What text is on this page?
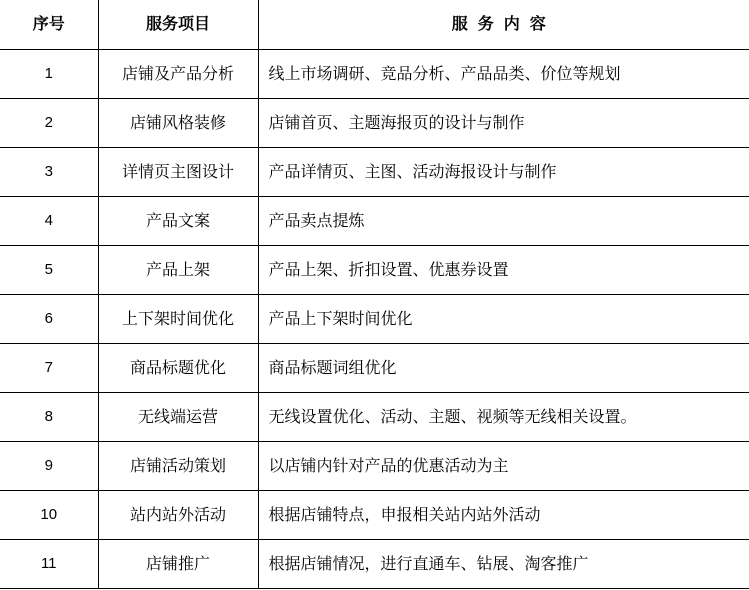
序号	服务项目	服务内容
1	店铺及产品分析	线上市场调研、竞品分析、产品品类、价位等规划
2	店铺风格装修	店铺首页、主题海报页的设计与制作
3	详情页主图设计	产品详情页、主图、活动海报设计与制作
4	产品文案	产品卖点提炼
5	产品上架	产品上架、折扣设置、优惠券设置
6	上下架时间优化	产品上下架时间优化
7	商品标题优化	商品标题词组优化
8	无线端运营	无线设置优化、活动、主题、视频等无线相关设置。
9	店铺活动策划	以店铺内针对产品的优惠活动为主
10	站内站外活动	根据店铺特点，申报相关站内站外活动
11	店铺推广	根据店铺情况，进行直通车、钻展、淘客推广
